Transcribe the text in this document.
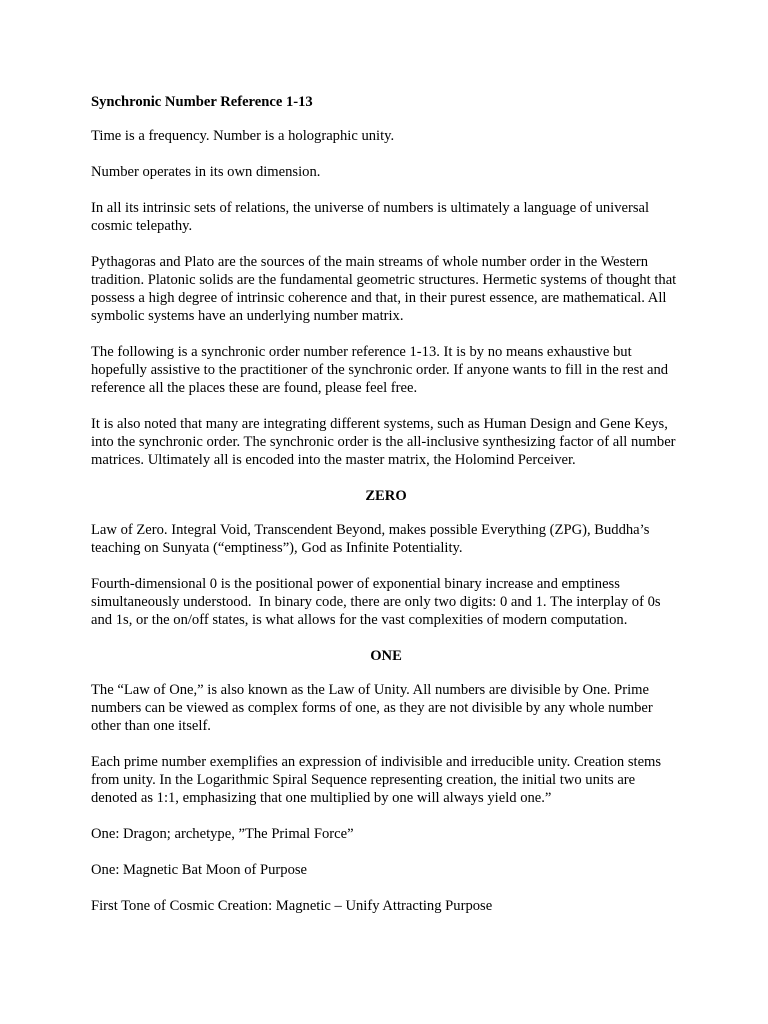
Synchronic Number Reference 1-13

Time is a frequency. Number is a holographic unity.

Number operates in its own dimension.

In all its intrinsic sets of relations, the universe of numbers is ultimately a language of universal cosmic telepathy.

Pythagoras and Plato are the sources of the main streams of whole number order in the Western tradition. Platonic solids are the fundamental geometric structures. Hermetic systems of thought that possess a high degree of intrinsic coherence and that, in their purest essence, are mathematical. All symbolic systems have an underlying number matrix.

The following is a synchronic order number reference 1-13. It is by no means exhaustive but hopefully assistive to the practitioner of the synchronic order. If anyone wants to fill in the rest and reference all the places these are found, please feel free.

It is also noted that many are integrating different systems, such as Human Design and Gene Keys, into the synchronic order. The synchronic order is the all-inclusive synthesizing factor of all number matrices. Ultimately all is encoded into the master matrix, the Holomind Perceiver.

ZERO

Law of Zero. Integral Void, Transcendent Beyond, makes possible Everything (ZPG), Buddha’s teaching on Sunyata (“emptiness”), God as Infinite Potentiality.

Fourth-dimensional 0 is the positional power of exponential binary increase and emptiness simultaneously understood.  In binary code, there are only two digits: 0 and 1. The interplay of 0s and 1s, or the on/off states, is what allows for the vast complexities of modern computation.

ONE

The “Law of One,” is also known as the Law of Unity. All numbers are divisible by One. Prime numbers can be viewed as complex forms of one, as they are not divisible by any whole number other than one itself.

Each prime number exemplifies an expression of indivisible and irreducible unity. Creation stems from unity. In the Logarithmic Spiral Sequence representing creation, the initial two units are denoted as 1:1, emphasizing that one multiplied by one will always yield one.”

One: Dragon; archetype, ”The Primal Force”

One: Magnetic Bat Moon of Purpose

First Tone of Cosmic Creation: Magnetic – Unify Attracting Purpose
